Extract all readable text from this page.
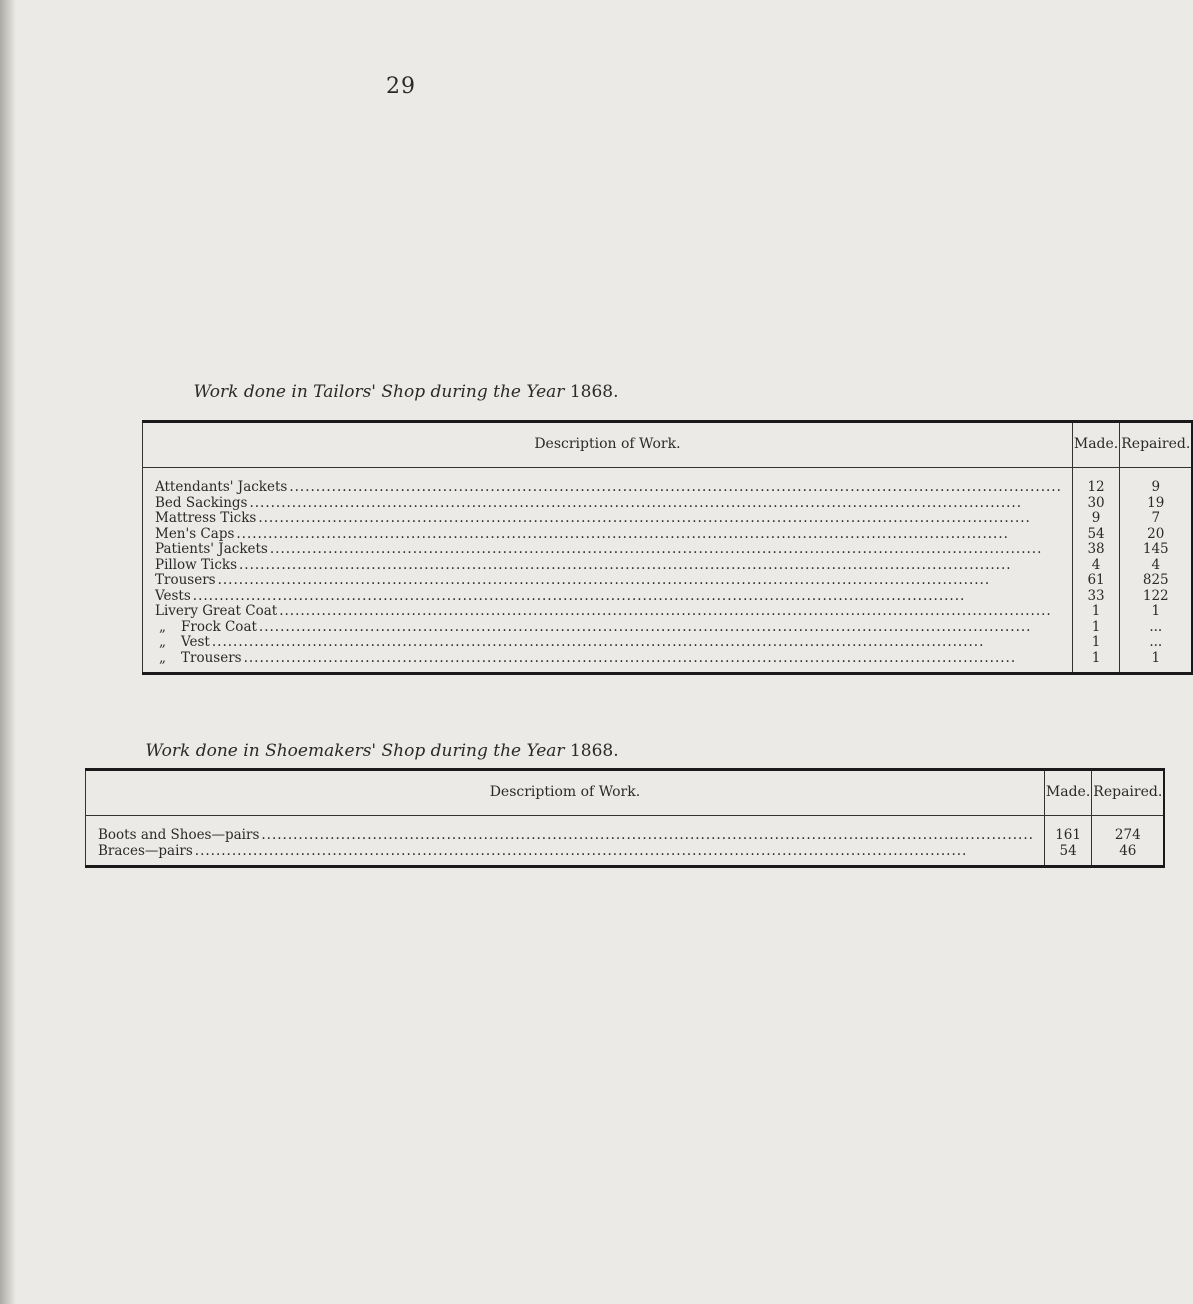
29
Work done in Tailors' Shop during the Year 1868.
Description of Work.	Made.	Repaired.

Attendants' Jackets
.....	12	9

Bed Sackings
.....	30	19

Mattress Ticks
.....	9	7

Men's Caps
.....	54	20

Patients' Jackets
.....	38	145

Pillow Ticks
.....	4	4

Trousers
.....	61	825

Vests
.....	33	122

Livery Great Coat
.....	1	1

„ Frock Coat
.....	1	...

„ Vest
.....	1	...

„ Trousers
.....	1	1

Work done in Shoemakers' Shop during the Year 1868.
Descriptiom of Work.	Made.	Repaired.

Boots and Shoes—pairs
.....	161	274

Braces—pairs
.....	54	46
